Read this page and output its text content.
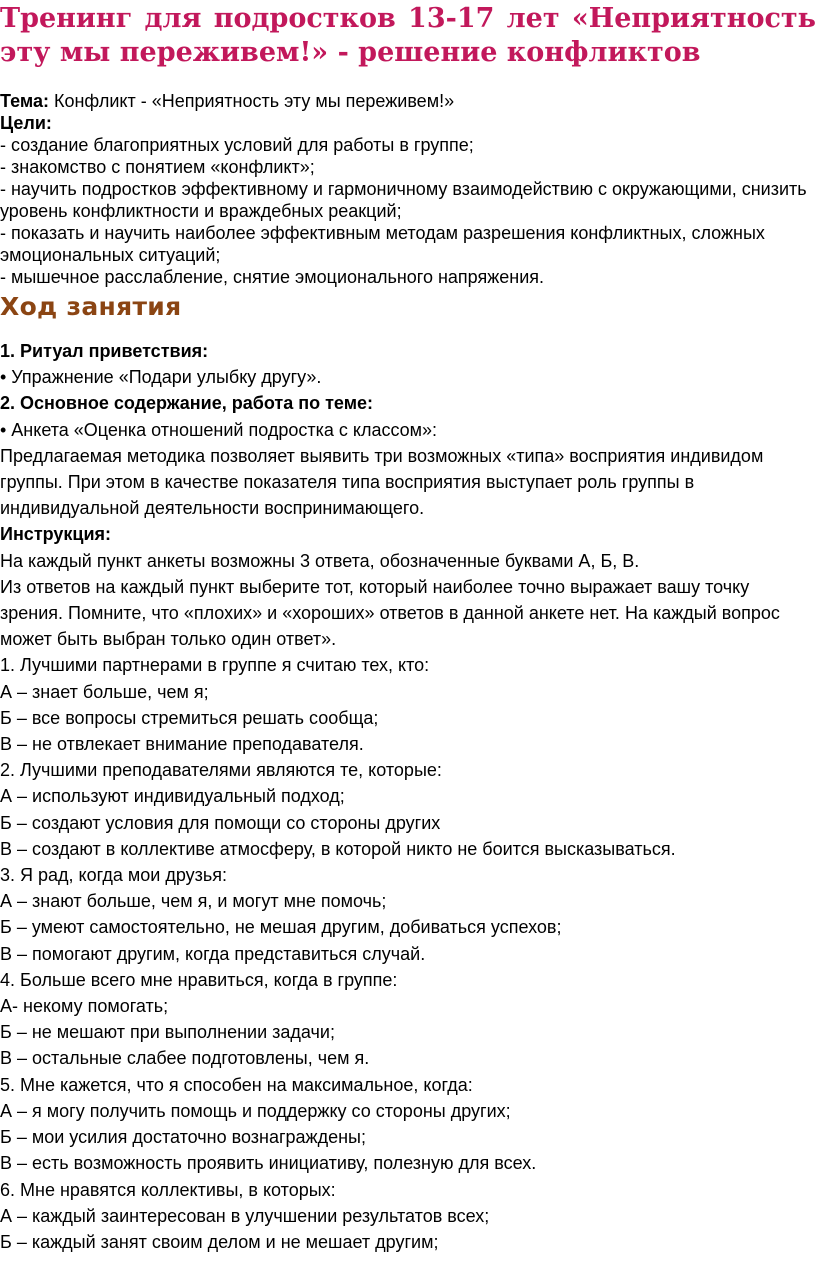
Тренинг для подростков 13-17 лет «Неприятность эту мы переживем!» - решение конфликтов

Тема: Конфликт - «Неприятность эту мы переживем!»

Цели:

- создание благоприятных условий для работы в группе;

- знакомство с понятием «конфликт»;

- научить подростков эффективному и гармоничному взаимодействию с окружающими, снизить уровень конфликтности и враждебных реакций;

- показать и научить наиболее эффективным методам разрешения конфликтных, сложных эмоциональных ситуаций;

- мышечное расслабление, снятие эмоционального напряжения.

Ход занятия

1. Ритуал приветствия:

• Упражнение «Подари улыбку другу».

2. Основное содержание, работа по теме:

• Анкета «Оценка отношений подростка с классом»:

Предлагаемая методика позволяет выявить три возможных «типа» восприятия индивидом группы. При этом в качестве показателя типа восприятия выступает роль группы в индивидуальной деятельности воспринимающего.

Инструкция:

На каждый пункт анкеты возможны 3 ответа, обозначенные буквами А, Б, В.

Из ответов на каждый пункт выберите тот, который наиболее точно выражает вашу точку зрения. Помните, что «плохих» и «хороших» ответов в данной анкете нет. На каждый вопрос может быть выбран только один ответ».

1. Лучшими партнерами в группе я считаю тех, кто:

А – знает больше, чем я;

Б – все вопросы стремиться решать сообща;

В – не отвлекает внимание преподавателя.

2. Лучшими преподавателями являются те, которые:

А – используют индивидуальный подход;

Б – создают условия для помощи со стороны других

В – создают в коллективе атмосферу, в которой никто не боится высказываться.

3. Я рад, когда мои друзья:

А – знают больше, чем я, и могут мне помочь;

Б – умеют самостоятельно, не мешая другим, добиваться успехов;

В – помогают другим, когда представиться случай.

4. Больше всего мне нравиться, когда в группе:

А- некому помогать;

Б – не мешают при выполнении задачи;

В – остальные слабее подготовлены, чем я.

5. Мне кажется, что я способен на максимальное, когда:

А – я могу получить помощь и поддержку со стороны других;

Б – мои усилия достаточно вознаграждены;

В – есть возможность проявить инициативу, полезную для всех.

6. Мне нравятся коллективы, в которых:

А – каждый заинтересован в улучшении результатов всех;

Б – каждый занят своим делом и не мешает другим;
